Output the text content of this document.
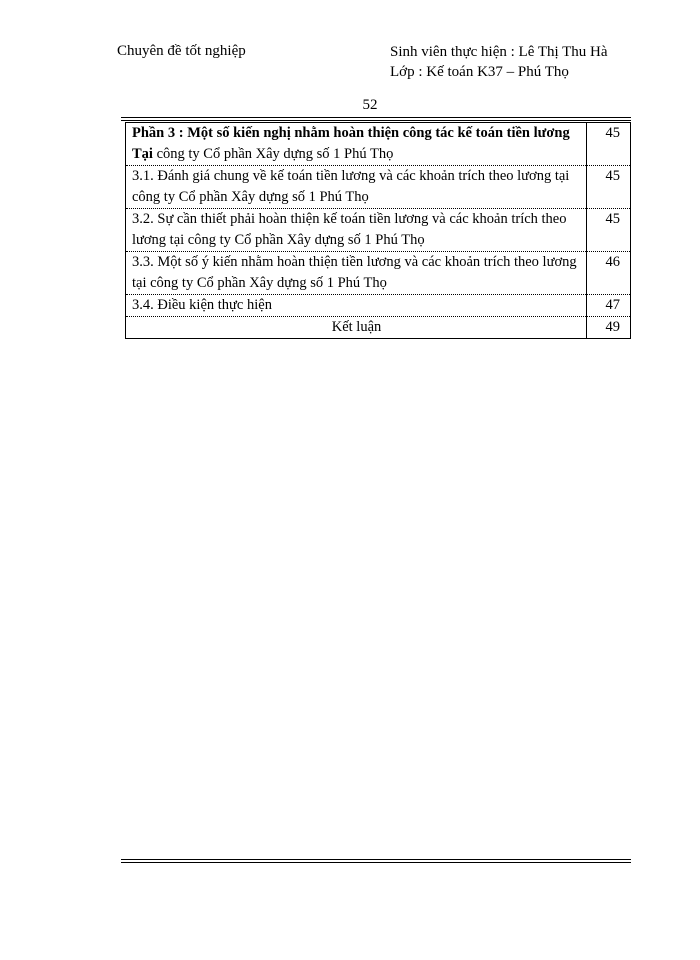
Chuyên đề tốt nghiệp	Sinh viên thực hiện : Lê Thị Thu Hà
Lớp : Kế toán K37 – Phú Thọ
52
Phần 3 : Một số kiến nghị nhằm hoàn thiện công tác kế toán tiền lương Tại công ty Cổ phần Xây dựng số 1 Phú Thọ	45
3.1. Đánh giá chung về kế toán tiền lương và các khoản trích theo lương tại công ty Cổ phần Xây dựng số 1 Phú Thọ	45
3.2. Sự cần thiết phải hoàn thiện kế toán tiền lương và các khoản trích theo lương tại công ty Cổ phần Xây dựng số 1 Phú Thọ	45
3.3. Một số ý kiến nhằm hoàn thiện tiền lương và các khoản trích theo lương tại công ty Cổ phần Xây dựng số 1 Phú Thọ	46
3.4. Điều kiện thực hiện	47
Kết luận	49
